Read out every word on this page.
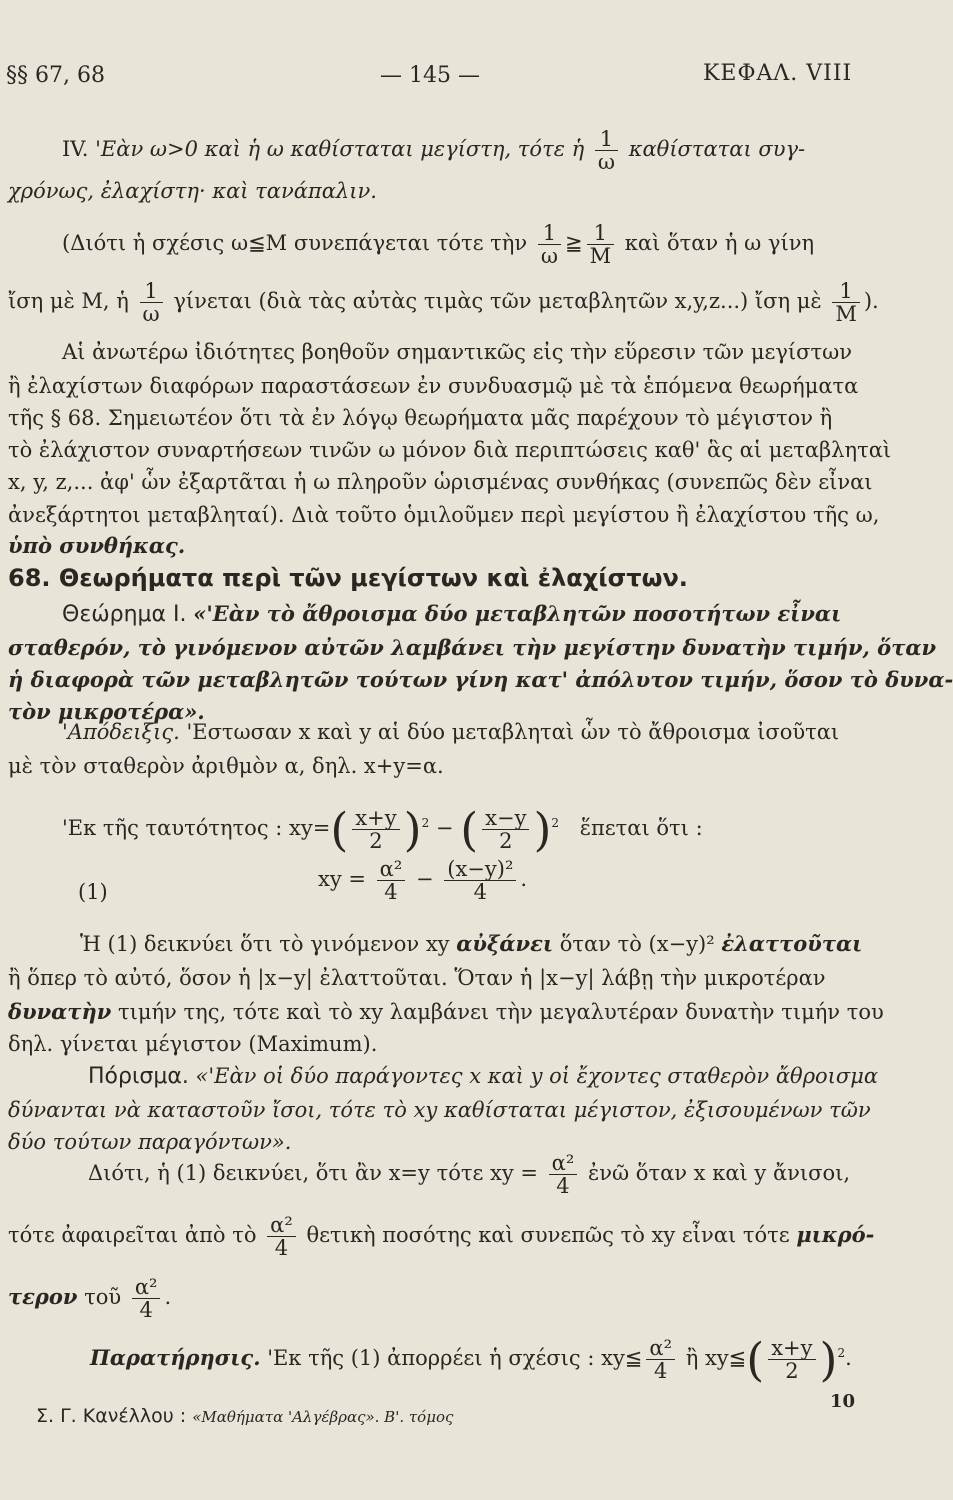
§§ 67, 68	— 145 —	ΚΕΦΑΛ. VIII
IV. 'Εὰν ω>0 καὶ ἡ ω καθίσταται μεγίστη, τότε ἡ $\frac{1}{\omega}$ καθίσταται συγ-
χρόνως, ἐλαχίστη· καὶ τανάπαλιν.
(Διότι ἡ σχέσις ω≦Μ συνεπάγεται τότε τὴν $\frac{1}{\omega}$ ≧ $\frac{1}{M}$ καὶ ὅταν ἡ ω γίνη
ἴση μὲ Μ, ἡ $\frac{1}{\omega}$ γίνεται (διὰ τὰς αὐτὰς τιμὰς τῶν μεταβλητῶν x,y,z...) ἴση μὲ $\frac{1}{M}$ ).
Αἱ ἀνωτέρω ἰδιότητες βοηθοῦν σημαντικῶς εἰς τὴν εὕρεσιν τῶν μεγίστων
ἢ ἐλαχίστων διαφόρων παραστάσεων ἐν συνδυασμῷ μὲ τὰ ἑπόμενα θεωρήματα
τῆς § 68. Σημειωτέον ὅτι τὰ ἐν λόγῳ θεωρήματα μᾶς παρέχουν τὸ μέγιστον ἢ
τὸ ἐλάχιστον συναρτήσεων τινῶν ω μόνον διὰ περιπτώσεις καθ' ἃς αἱ μεταβληταὶ
x, y, z,... ἀφ' ὧν ἐξαρτᾶται ἡ ω πληροῦν ὡρισμένας συνθήκας (συνεπῶς δὲν εἶναι
ἀνεξάρτητοι μεταβληταί). Διὰ τοῦτο ὁμιλοῦμεν περὶ μεγίστου ἢ ἐλαχίστου τῆς ω,
ὑπὸ συνθήκας.
68. Θεωρήματα περὶ τῶν μεγίστων καὶ ἐλαχίστων.
Θεώρημα I. «'Εὰν τὸ ἄθροισμα δύο μεταβλητῶν ποσοτήτων εἶναι
σταθερόν, τὸ γινόμενον αὐτῶν λαμβάνει τὴν μεγίστην δυνατὴν τιμήν, ὅταν
ἡ διαφορὰ τῶν μεταβλητῶν τούτων γίνη κατ' ἀπόλυτον τιμήν, ὅσον τὸ δυνα-
τὸν μικροτέρα».
'Απόδειξις. 'Εστωσαν x καὶ y αἱ δύο μεταβληταὶ ὧν τὸ ἄθροισμα ἰσοῦται
μὲ τὸν σταθερὸν ἀριθμὸν α, δηλ. x+y=α.
'Εκ τῆς ταυτότητος : $xy=( \frac{x+y}{2} )^2$ − ( $\frac{x-y}{2} )^2$ ἕπεται ὅτι :
(1)
xy = $\frac{\text{α²}}{4} - \frac{\text{(x−y)²}}{4}$ .
Ἡ (1) δεικνύει ὅτι τὸ γινόμενον xy αὐξάνει ὅταν τὸ (x−y)² ἐλαττοῦται
ἢ ὅπερ τὸ αὐτό, ὅσον ἡ |x−y| ἐλαττοῦται. Ὅταν ἡ |x−y| λάβῃ τὴν μικροτέραν
δυνατὴν τιμήν της, τότε καὶ τὸ xy λαμβάνει τὴν μεγαλυτέραν δυνατὴν τιμήν του
δηλ. γίνεται μέγιστον (Maximum).
Πόρισμα. «'Εὰν οἱ δύο παράγοντες x καὶ y οἱ ἔχοντες σταθερὸν ἄθροισμα
δύνανται νὰ καταστοῦν ἴσοι, τότε τὸ xy καθίσταται μέγιστον, ἐξισουμένων τῶν
δύο τούτων παραγόντων».
Διότι, ἡ (1) δεικνύει, ὅτι ἂν x=y τότε xy = $\frac{\text{α²}}{4}$ ἐνῶ ὅταν x καὶ y ἄνισοι,
τότε ἀφαιρεῖται ἀπὸ τὸ $\frac{\text{α²}}{4}$ θετικὴ ποσότης καὶ συνεπῶς τὸ xy εἶναι τότε μικρό-
τερον τοῦ $\frac{\text{α²}}{4}$ .
Παρατήρησις. 'Εκ τῆς (1) ἀπορρέει ἡ σχέσις : xy≦ $\frac{\text{α²}}{4}$ ἢ xy≦( $\frac{x+y}{2} )^2$.
Σ. Γ. Κανέλλου : «Μαθήματα 'Αλγέβρας». Β'. τόμος
10
